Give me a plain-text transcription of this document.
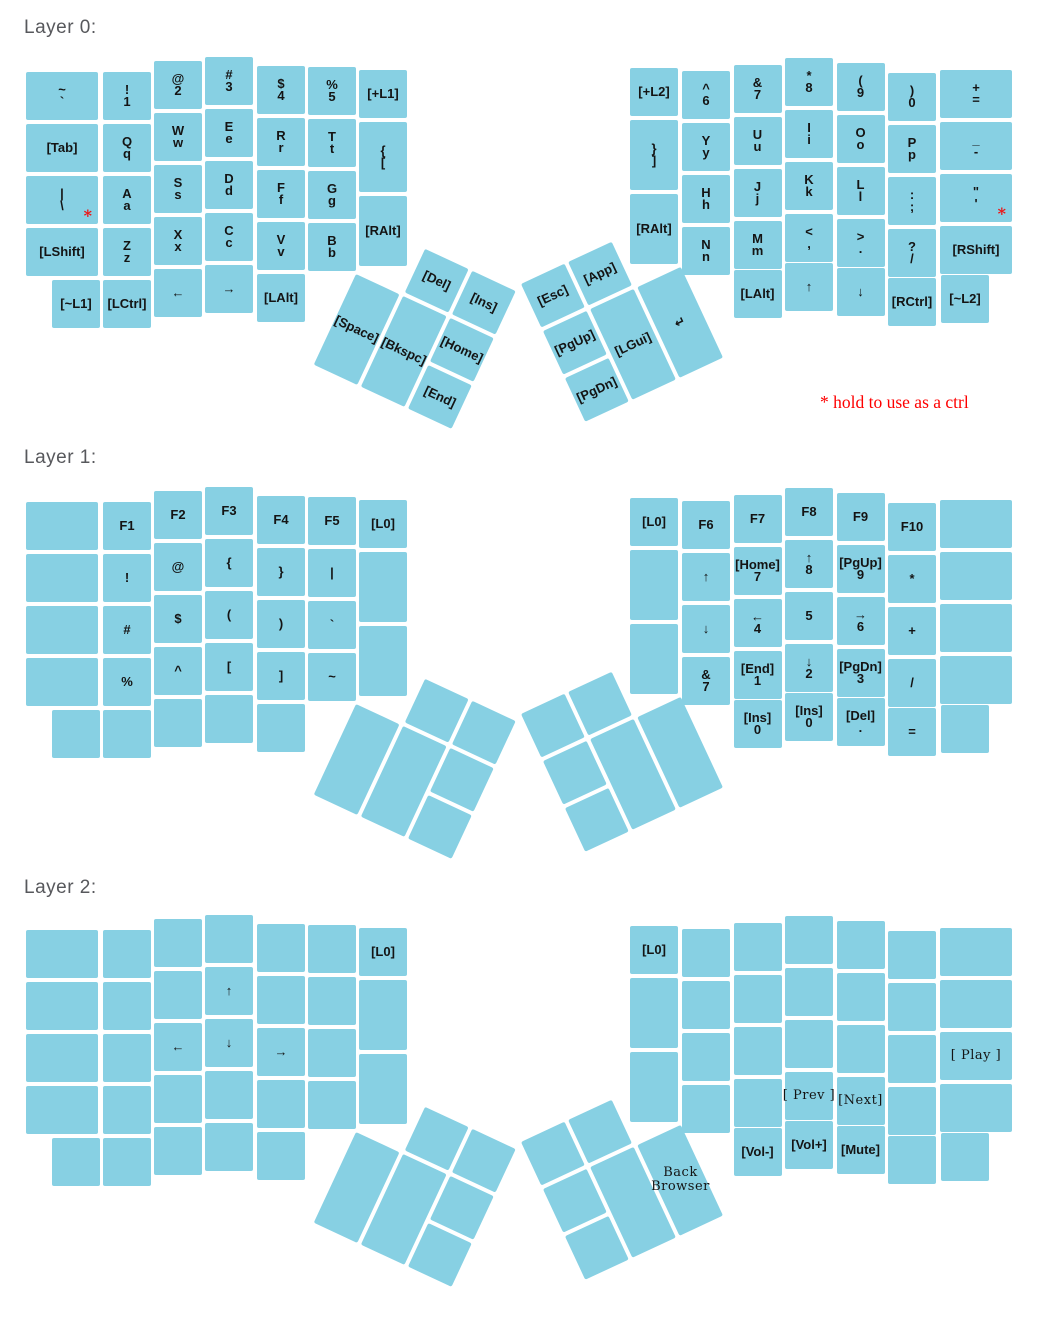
Layer 0:
Layer 1:
Layer 2:
* hold to use as a ctrl
~
`
[Tab]
|
\
*
[LShift]
!
1
Q
q
A
a
Z
z
@
2
W
w
S
s
X
x
#
3
E
e
D
d
C
c
$
4
R
r
F
f
V
v
%
5
T
t
G
g
B
b
[+L1]
{
[
[RAlt]
[~L1] [LCtrl]
←	→
[LAlt]
[Del]
[Ins]
[Space]
[Bkspc] [Home]
[End]
^
6
Y
y
H
h
N
n
&
7
U
u
J
j
M
m
*
8
I
i
K
k
<
,
(
9
O
o
L
l
>
.
)
0
P
p
:
;
?
/
+
=
_
-
"
'
*
[RShift]
[+L2]
}
]
[RAlt]
[LAlt] ↑	↓
[RCtrl] [~L2]
[Esc]
[App]
[PgUp]
[PgDn]
[LGui]
↵
F1
!
#
%
F2
@
$
^
F3
{
(
[
F4
}
)
]
F5
|
`
~
[L0]	F6
↑
↓
&
7
F7
[Home]
7
←
4
[End]
1
F8
↑
8
5
↓
2
F9
[PgUp]
9
→
6
[PgDn]
3
F10
*
+
/
[L0]
[Ins]
0
[Ins]
0	[Del]
.	=
←
↑
↓
→
[L0]
[ Prev ] [Next]
[ Play ]
[L0]
[Vol-] [Vol+] [Mute]
Back
Browser
